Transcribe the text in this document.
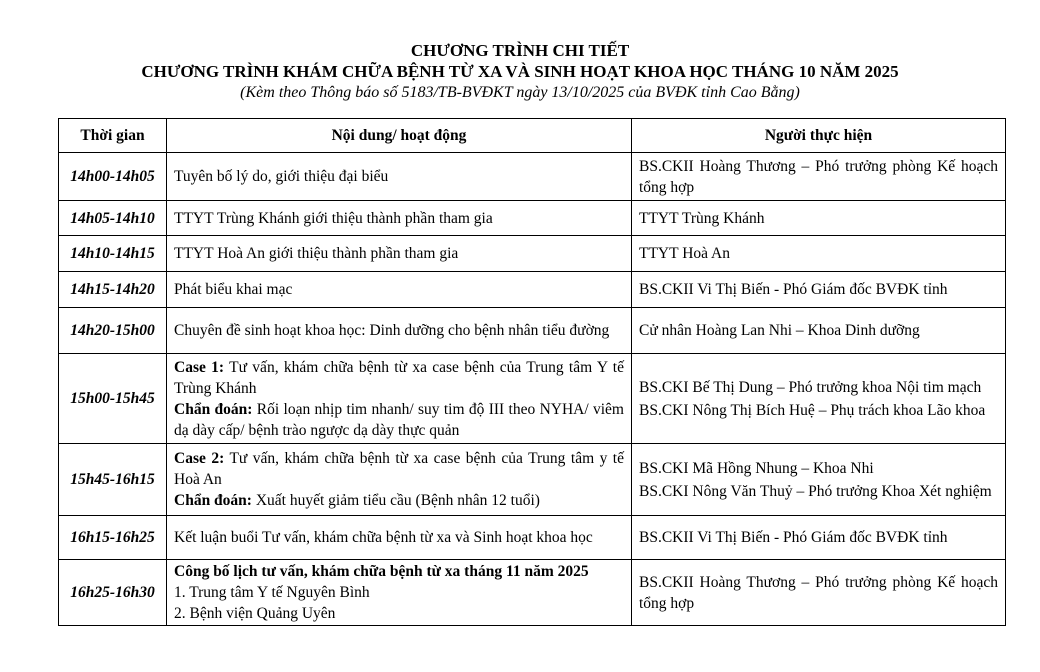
CHƯƠNG TRÌNH CHI TIẾT
CHƯƠNG TRÌNH KHÁM CHỮA BỆNH TỪ XA VÀ SINH HOẠT KHOA HỌC THÁNG 10 NĂM 2025
(Kèm theo Thông báo số 5183/TB-BVĐKT ngày 13/10/2025 của BVĐK tỉnh Cao Bằng)
Thời gian	Nội dung/ hoạt động	Người thực hiện
14h00-14h05	Tuyên bố lý do, giới thiệu đại biểu	BS.CKII Hoàng Thương – Phó trưởng phòng Kế hoạch tổng hợp
14h05-14h10	TTYT Trùng Khánh giới thiệu thành phần tham gia	TTYT Trùng Khánh
14h10-14h15	TTYT Hoà An giới thiệu thành phần tham gia	TTYT Hoà An
14h15-14h20	Phát biểu khai mạc	BS.CKII Vi Thị Biến - Phó Giám đốc BVĐK tỉnh
14h20-15h00	Chuyên đề sinh hoạt khoa học: Dinh dưỡng cho bệnh nhân tiểu đường	Cử nhân Hoàng Lan Nhi – Khoa Dinh dưỡng
15h00-15h45	Case 1: Tư vấn, khám chữa bệnh từ xa case bệnh của Trung tâm Y tế Trùng Khánh
Chẩn đoán: Rối loạn nhịp tim nhanh/ suy tim độ III theo NYHA/ viêm dạ dày cấp/ bệnh trào ngược dạ dày thực quản	BS.CKI Bế Thị Dung – Phó trưởng khoa Nội tim mạch
BS.CKI Nông Thị Bích Huệ – Phụ trách khoa Lão khoa

15h45-16h15	Case 2: Tư vấn, khám chữa bệnh từ xa case bệnh của Trung tâm y tế Hoà An
Chẩn đoán: Xuất huyết giảm tiểu cầu (Bệnh nhân 12 tuổi)	BS.CKI Mã Hồng Nhung – Khoa Nhi
BS.CKI Nông Văn Thuỷ – Phó trưởng Khoa Xét nghiệm

16h15-16h25	Kết luận buổi Tư vấn, khám chữa bệnh từ xa và Sinh hoạt khoa học	BS.CKII Vi Thị Biến - Phó Giám đốc BVĐK tỉnh
16h25-16h30	Công bố lịch tư vấn, khám chữa bệnh từ xa tháng 11 năm 2025
1. Trung tâm Y tế Nguyên Bình
2. Bệnh viện Quảng Uyên	BS.CKII Hoàng Thương – Phó trưởng phòng Kế hoạch tổng hợp
